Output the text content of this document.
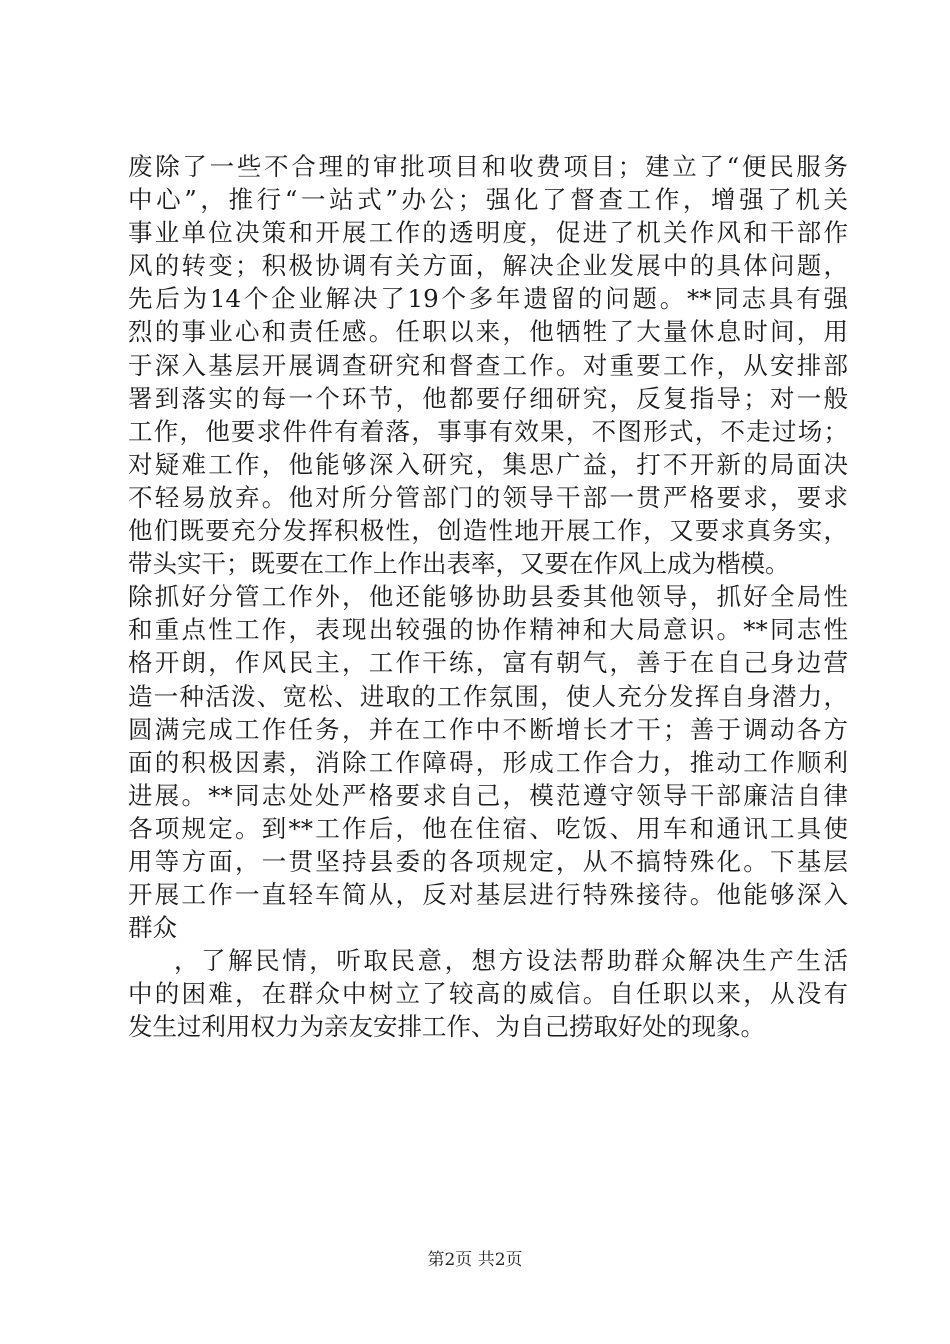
废除了一些不合理的审批项目和收费项目；建立了“便民服务
中心”，推行“一站式”办公；强化了督查工作，增强了机关
事业单位决策和开展工作的透明度，促进了机关作风和干部作
风的转变；积极协调有关方面，解决企业发展中的具体问题，
先后为14个企业解决了19个多年遗留的问题。**同志具有强
烈的事业心和责任感。任职以来，他牺牲了大量休息时间，用
于深入基层开展调查研究和督查工作。对重要工作，从安排部
署到落实的每一个环节，他都要仔细研究，反复指导；对一般
工作，他要求件件有着落，事事有效果，不图形式，不走过场；
对疑难工作，他能够深入研究，集思广益，打不开新的局面决
不轻易放弃。他对所分管部门的领导干部一贯严格要求，要求
他们既要充分发挥积极性，创造性地开展工作，又要求真务实，
带头实干；既要在工作上作出表率，又要在作风上成为楷模。
除抓好分管工作外，他还能够协助县委其他领导，抓好全局性
和重点性工作，表现出较强的协作精神和大局意识。**同志性
格开朗，作风民主，工作干练，富有朝气，善于在自己身边营
造一种活泼、宽松、进取的工作氛围，使人充分发挥自身潜力，
圆满完成工作任务，并在工作中不断增长才干；善于调动各方
面的积极因素，消除工作障碍，形成工作合力，推动工作顺利
进展。**同志处处严格要求自己，模范遵守领导干部廉洁自律
各项规定。到**工作后，他在住宿、吃饭、用车和通讯工具使
用等方面，一贯坚持县委的各项规定，从不搞特殊化。下基层
开展工作一直轻车简从，反对基层进行特殊接待。他能够深入
群众
，了解民情，听取民意，想方设法帮助群众解决生产生活
中的困难，在群众中树立了较高的威信。自任职以来，从没有
发生过利用权力为亲友安排工作、为自己捞取好处的现象。
第2页 共2页
